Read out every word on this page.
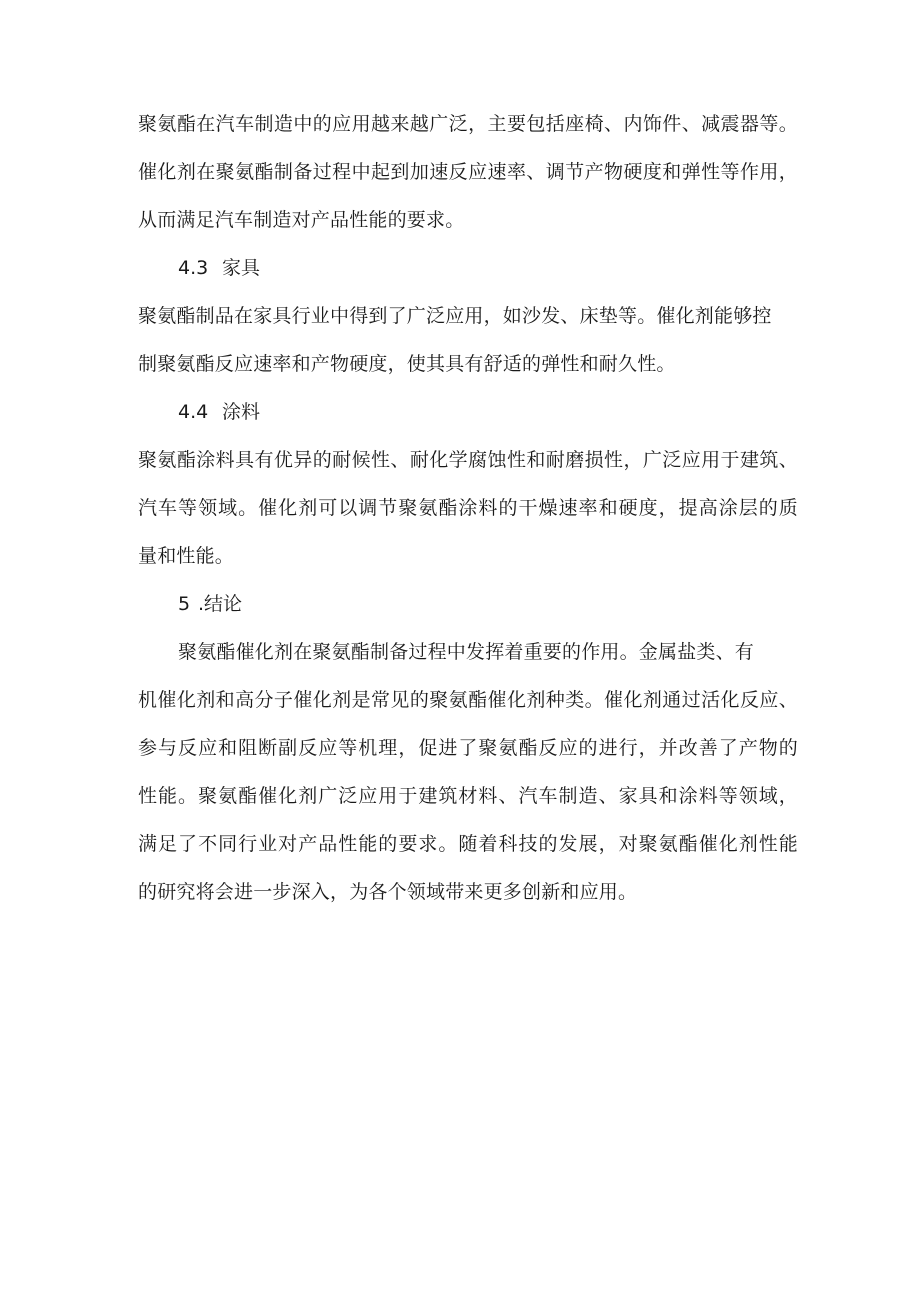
聚氨酯在汽车制造中的应用越来越广泛，主要包括座椅、内饰件、减震器等。
催化剂在聚氨酯制备过程中起到加速反应速率、调节产物硬度和弹性等作用，
从而满足汽车制造对产品性能的要求。
4.3 家具
聚氨酯制品在家具行业中得到了广泛应用，如沙发、床垫等。催化剂能够控
制聚氨酯反应速率和产物硬度，使其具有舒适的弹性和耐久性。
4.4 涂料
聚氨酯涂料具有优异的耐候性、耐化学腐蚀性和耐磨损性，广泛应用于建筑、
汽车等领域。催化剂可以调节聚氨酯涂料的干燥速率和硬度，提高涂层的质
量和性能。
5 .结论
聚氨酯催化剂在聚氨酯制备过程中发挥着重要的作用。金属盐类、有
机催化剂和高分子催化剂是常见的聚氨酯催化剂种类。催化剂通过活化反应、
参与反应和阻断副反应等机理，促进了聚氨酯反应的进行，并改善了产物的
性能。聚氨酯催化剂广泛应用于建筑材料、汽车制造、家具和涂料等领域，
满足了不同行业对产品性能的要求。随着科技的发展，对聚氨酯催化剂性能
的研究将会进一步深入，为各个领域带来更多创新和应用。
